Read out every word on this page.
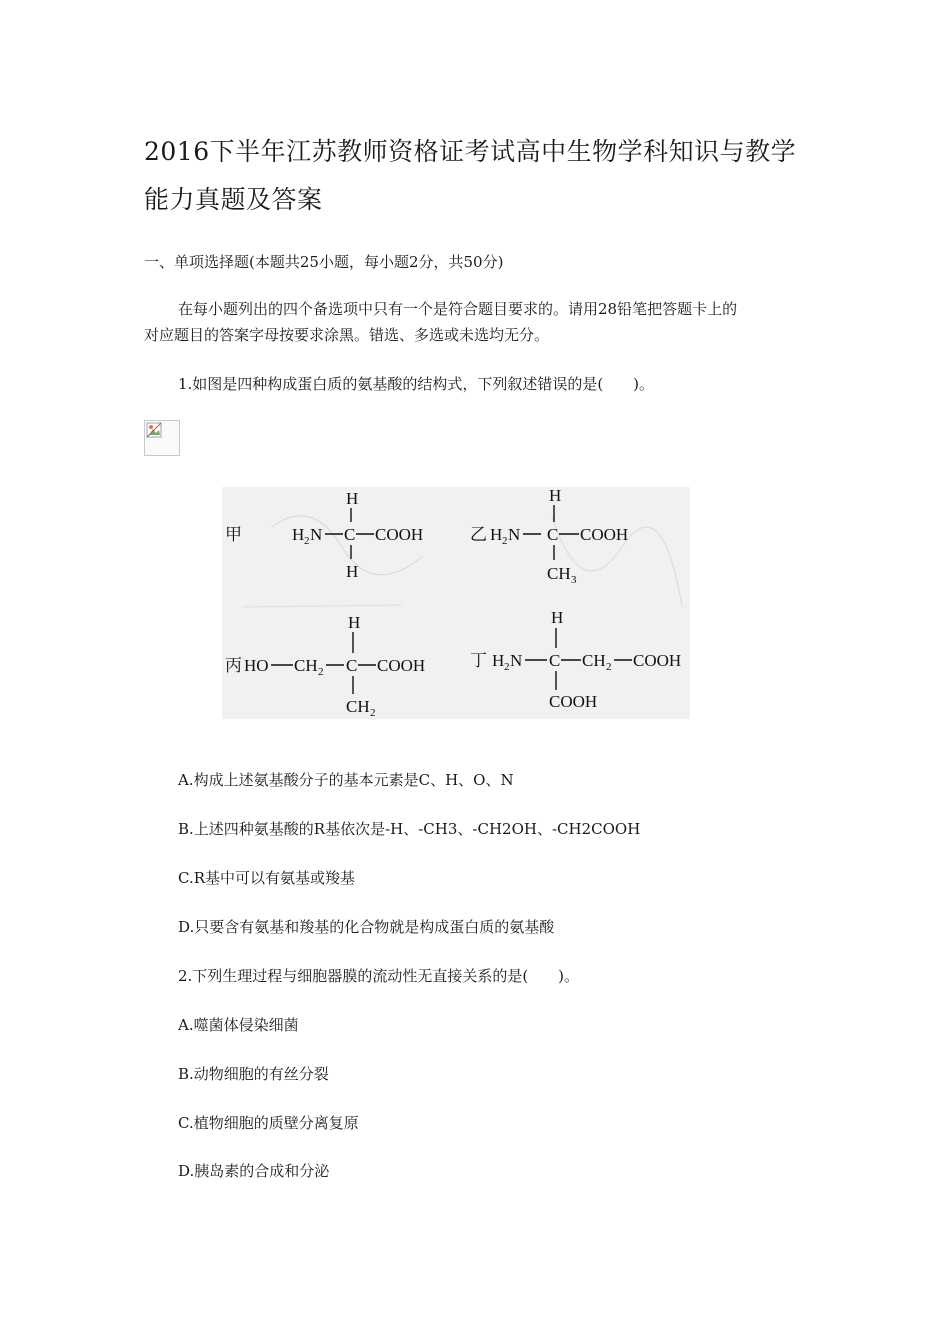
2016下半年江苏教师资格证考试高中生物学科知识与教学
能力真题及答案
一、单项选择题(本题共25小题，每小题2分，共50分)
在每小题列出的四个备选项中只有一个是符合题目要求的。请用28铅笔把答题卡上的
对应题目的答案字母按要求涂黑。错选、多选或未选均无分。
1.如图是四种构成蛋白质的氨基酸的结构式，下列叙述错误的是(　　)。
甲	H 2 N C COOH
H
H
乙 H 2 N C COOH
H
CH 3
丙 HO CH 2 C COOH
H
CH 2
丁 H 2 N C CH 2 COOH
H
COOH
A.构成上述氨基酸分子的基本元素是C、H、O、N
B.上述四种氨基酸的R基依次是-H、-CH3、-CH2OH、-CH2COOH
C.R基中可以有氨基或羧基
D.只要含有氨基和羧基的化合物就是构成蛋白质的氨基酸
2.下列生理过程与细胞器膜的流动性无直接关系的是(　　)。
A.噬菌体侵染细菌
B.动物细胞的有丝分裂
C.植物细胞的质壁分离复原
D.胰岛素的合成和分泌
